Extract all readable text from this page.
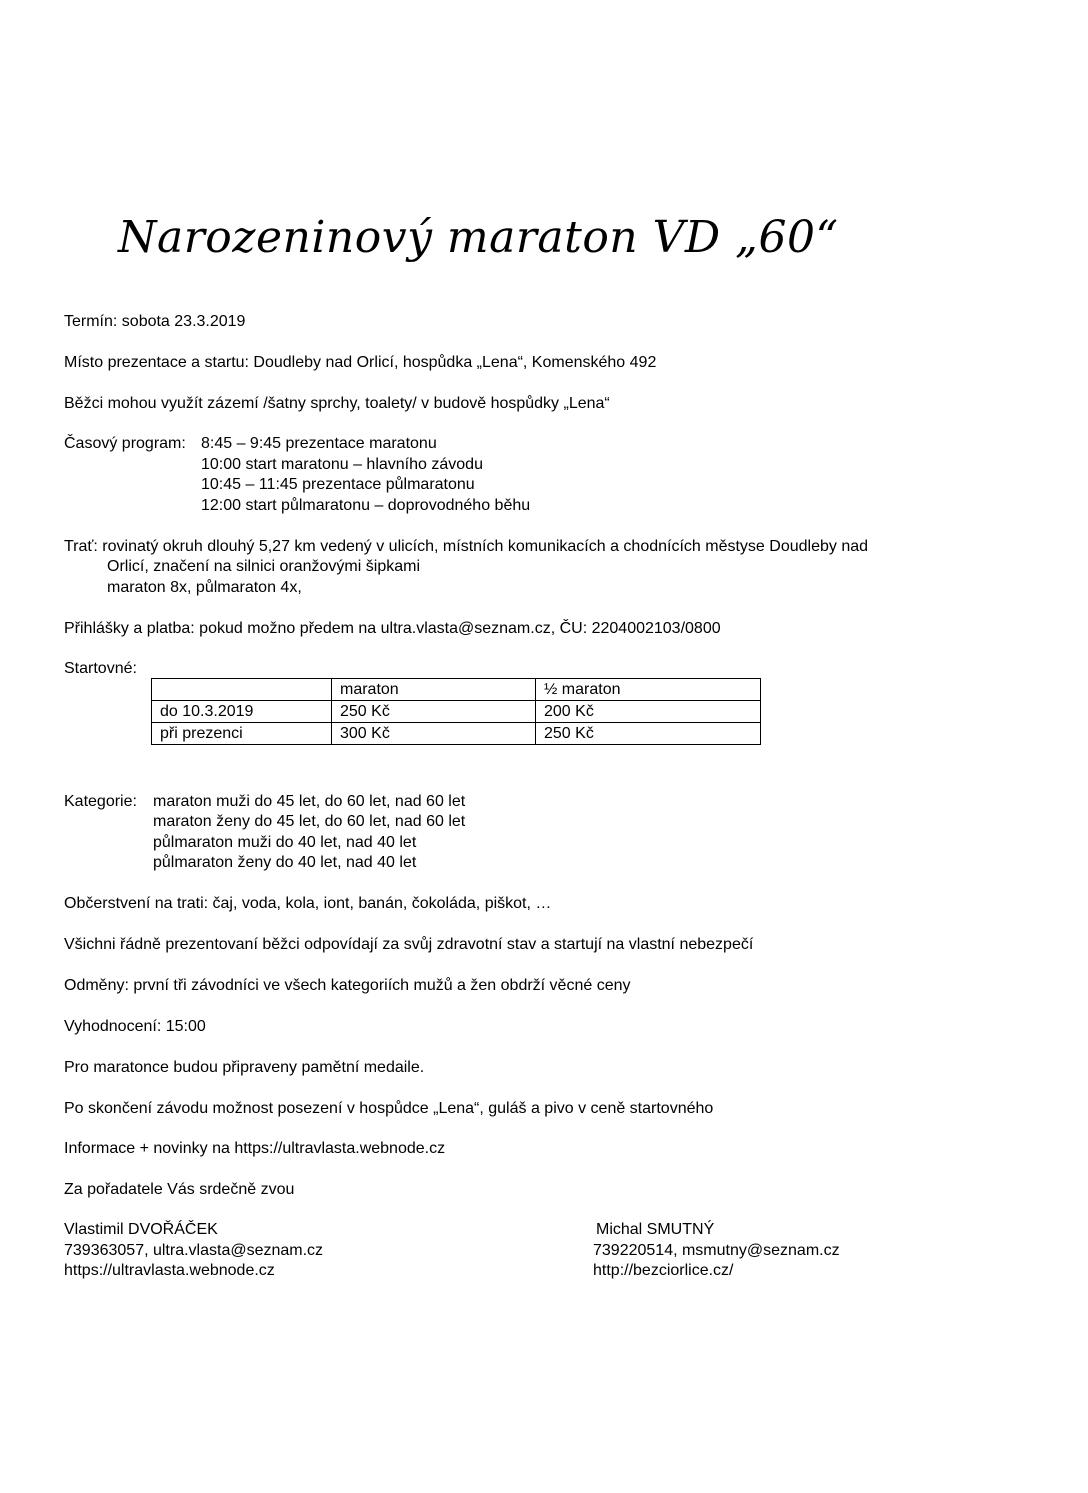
Narozeninový maraton VD „60“
Termín: sobota 23.3.2019
Místo prezentace a startu: Doudleby nad Orlicí, hospůdka „Lena“, Komenského 492
Běžci mohou využít zázemí /šatny sprchy, toalety/ v budově hospůdky „Lena“
Časový program: 8:45 – 9:45 prezentace maratonu
10:00 start maratonu – hlavního závodu
10:45 – 11:45 prezentace půlmaratonu
12:00 start půlmaratonu – doprovodného běhu
Trať: rovinatý okruh dlouhý 5,27 km vedený v ulicích, místních komunikacích a chodnících městyse Doudleby nad
Orlicí, značení na silnici oranžovými šipkami
maraton 8x, půlmaraton 4x,
Přihlášky a platba: pokud možno předem na ultra.vlasta@seznam.cz, ČU: 2204002103/0800
Startovné:
	maraton	½ maraton
do 10.3.2019	250 Kč	200 Kč
při prezenci	300 Kč	250 Kč
Kategorie: maraton muži do 45 let, do 60 let, nad 60 let
maraton ženy do 45 let, do 60 let, nad 60 let
půlmaraton muži do 40 let, nad 40 let
půlmaraton ženy do 40 let, nad 40 let
Občerstvení na trati: čaj, voda, kola, iont, banán, čokoláda, piškot, …
Všichni řádně prezentovaní běžci odpovídají za svůj zdravotní stav a startují na vlastní nebezpečí
Odměny: první tři závodníci ve všech kategoriích mužů a žen obdrží věcné ceny
Vyhodnocení: 15:00
Pro maratonce budou připraveny pamětní medaile.
Po skončení závodu možnost posezení v hospůdce „Lena“, guláš a pivo v ceně startovného
Informace + novinky na https://ultravlasta.webnode.cz
Za pořadatele Vás srdečně zvou
Vlastimil DVOŘÁČEK
739363057, ultra.vlasta@seznam.cz
https://ultravlasta.webnode.cz
Michal SMUTNÝ
739220514, msmutny@seznam.cz
http://bezciorlice.cz/
